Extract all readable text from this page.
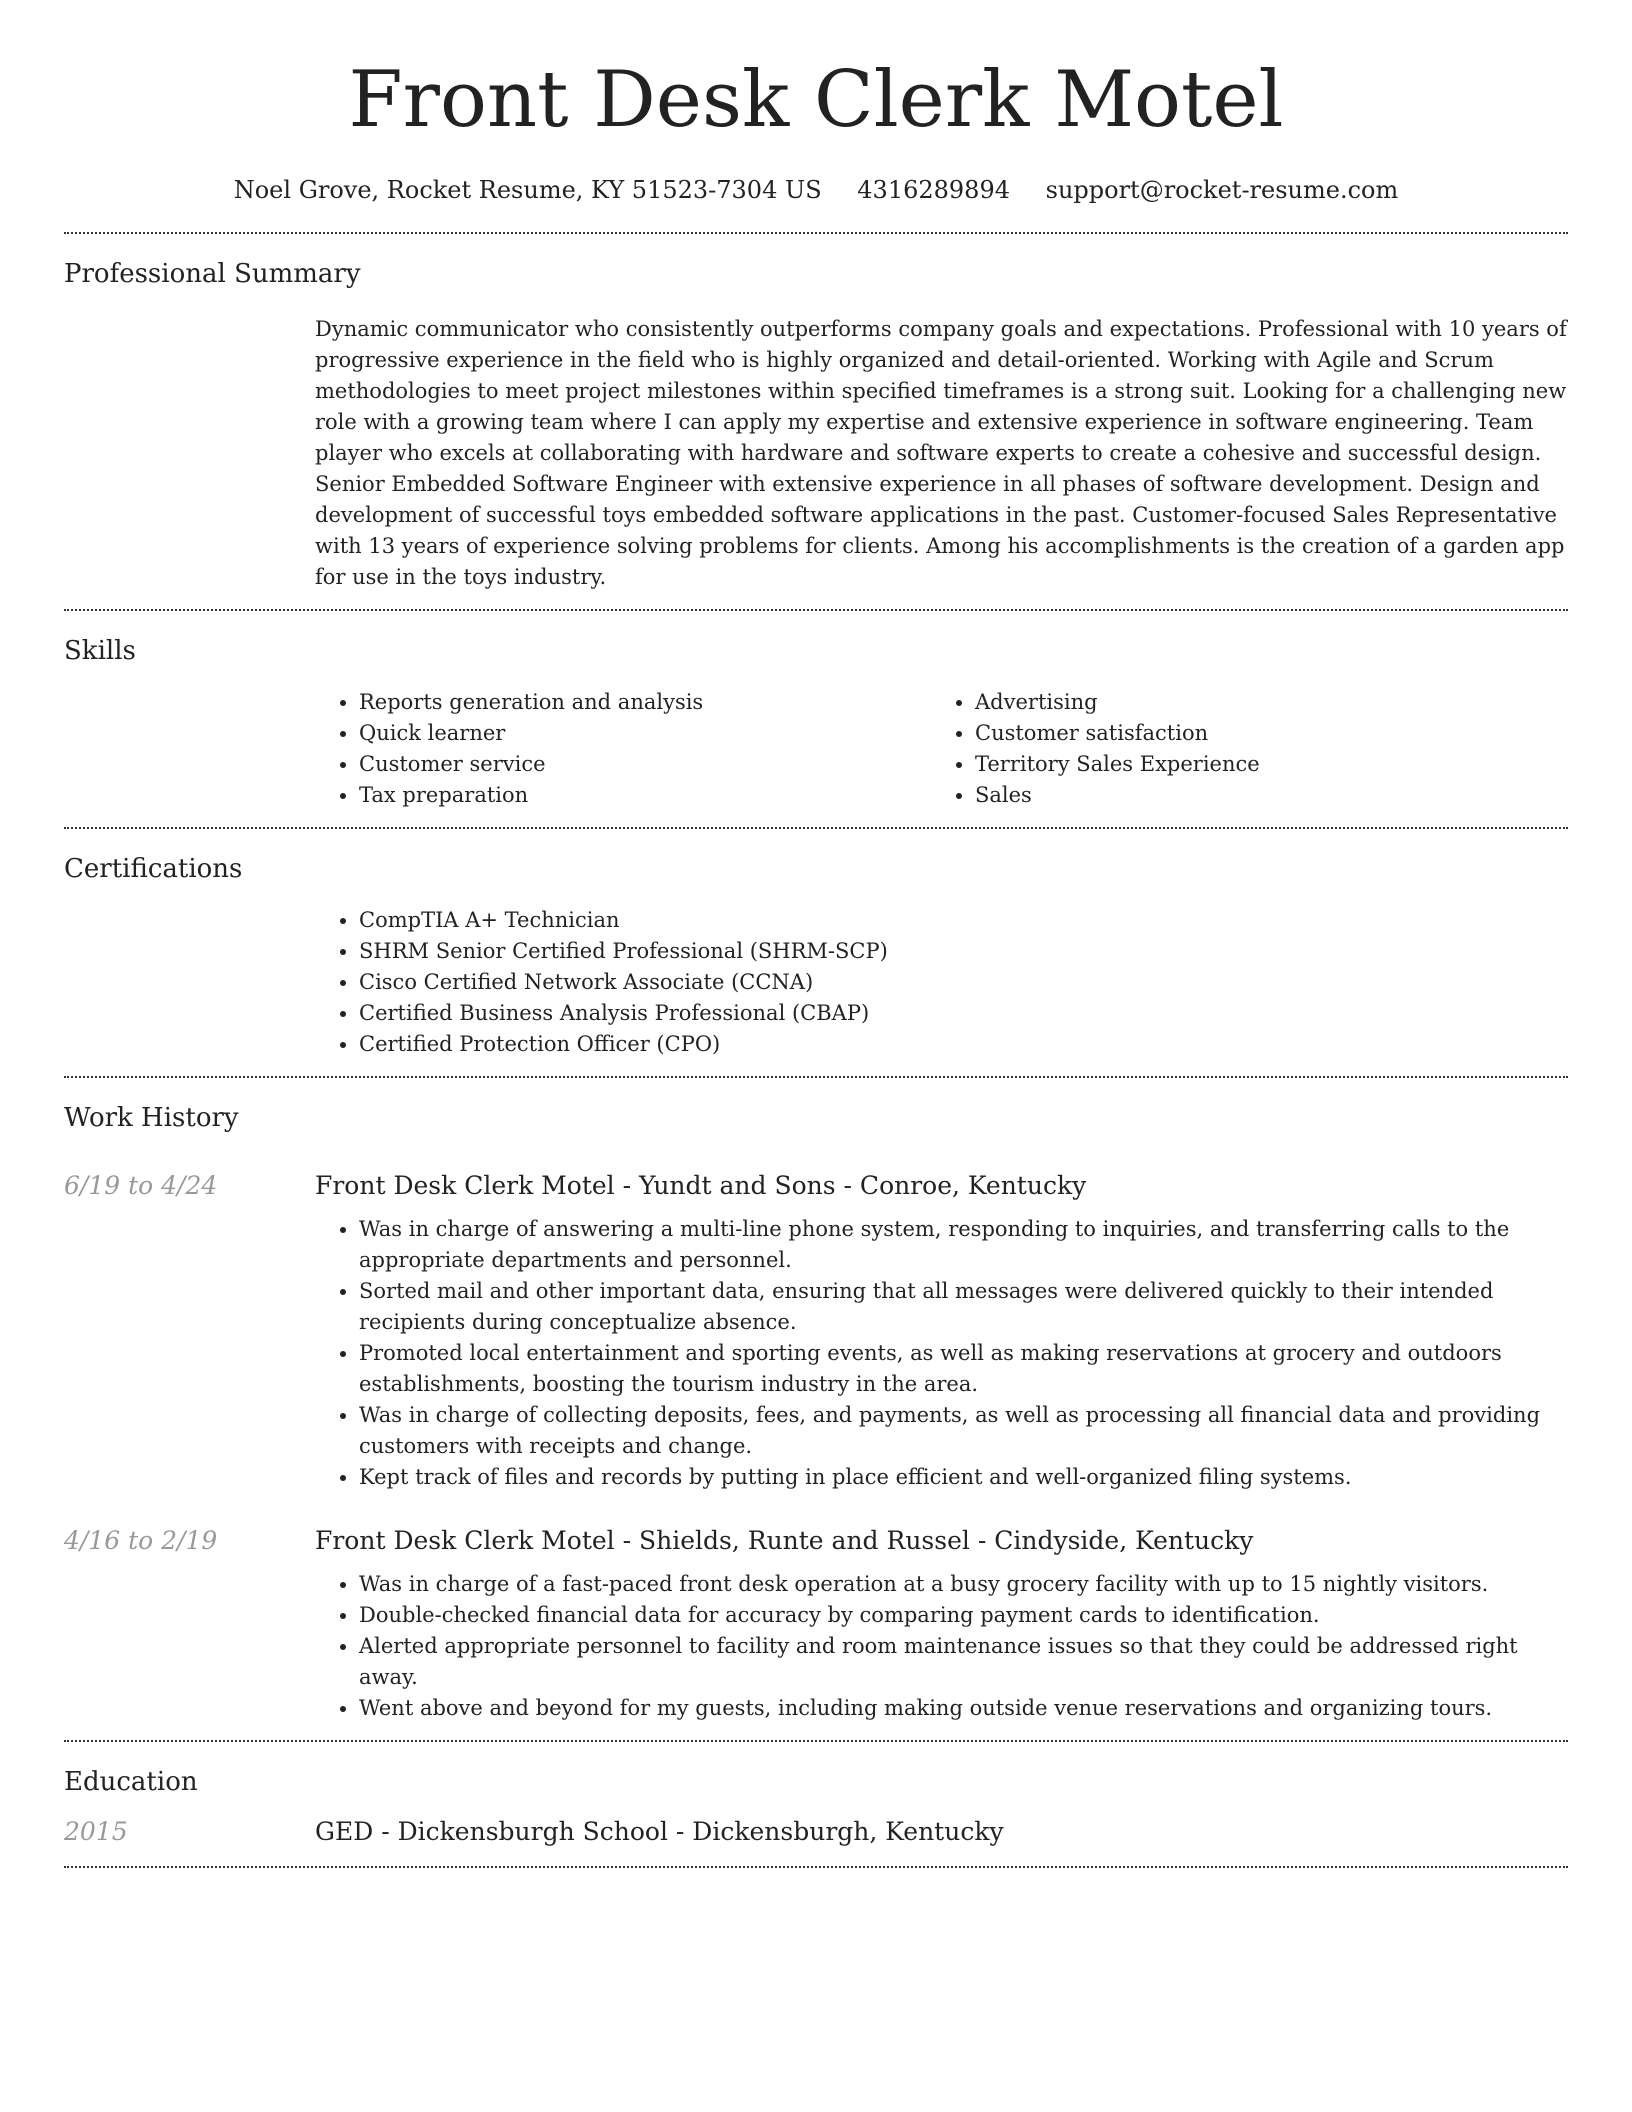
Front Desk Clerk Motel
Noel Grove, Rocket Resume, KY 51523-7304 US 4316289894 support@rocket-resume.com
Professional Summary

Dynamic communicator who consistently outperforms company goals and expectations. Professional with 10 years of progressive experience in the field who is highly organized and detail-oriented. Working with Agile and Scrum methodologies to meet project milestones within specified timeframes is a strong suit. Looking for a challenging new role with a growing team where I can apply my expertise and extensive experience in software engineering. Team player who excels at collaborating with hardware and software experts to create a cohesive and successful design. Senior Embedded Software Engineer with extensive experience in all phases of software development. Design and development of successful toys embedded software applications in the past. Customer-focused Sales Representative with 13 years of experience solving problems for clients. Among his accomplishments is the creation of a garden app for use in the toys industry.

Skills
• Reports generation and analysis
• Quick learner
• Customer service
• Tax preparation
• Advertising
• Customer satisfaction
• Territory Sales Experience
• Sales
Certifications
• CompTIA A+ Technician
• SHRM Senior Certified Professional (SHRM-SCP)
• Cisco Certified Network Associate (CCNA)
• Certified Business Analysis Professional (CBAP)
• Certified Protection Officer (CPO)
Work History
6/19 to 4/24	Front Desk Clerk Motel - Yundt and Sons - Conroe, Kentucky
• Was in charge of answering a multi-line phone system, responding to inquiries, and transferring calls to the appropriate departments and personnel.
• Sorted mail and other important data, ensuring that all messages were delivered quickly to their intended recipients during conceptualize absence.
• Promoted local entertainment and sporting events, as well as making reservations at grocery and outdoors establishments, boosting the tourism industry in the area.
• Was in charge of collecting deposits, fees, and payments, as well as processing all financial data and providing customers with receipts and change.
• Kept track of files and records by putting in place efficient and well-organized filing systems.
4/16 to 2/19	Front Desk Clerk Motel - Shields, Runte and Russel - Cindyside, Kentucky
• Was in charge of a fast-paced front desk operation at a busy grocery facility with up to 15 nightly visitors.
• Double-checked financial data for accuracy by comparing payment cards to identification.
• Alerted appropriate personnel to facility and room maintenance issues so that they could be addressed right away.
• Went above and beyond for my guests, including making outside venue reservations and organizing tours.
Education
2015	GED - Dickensburgh School - Dickensburgh, Kentucky
